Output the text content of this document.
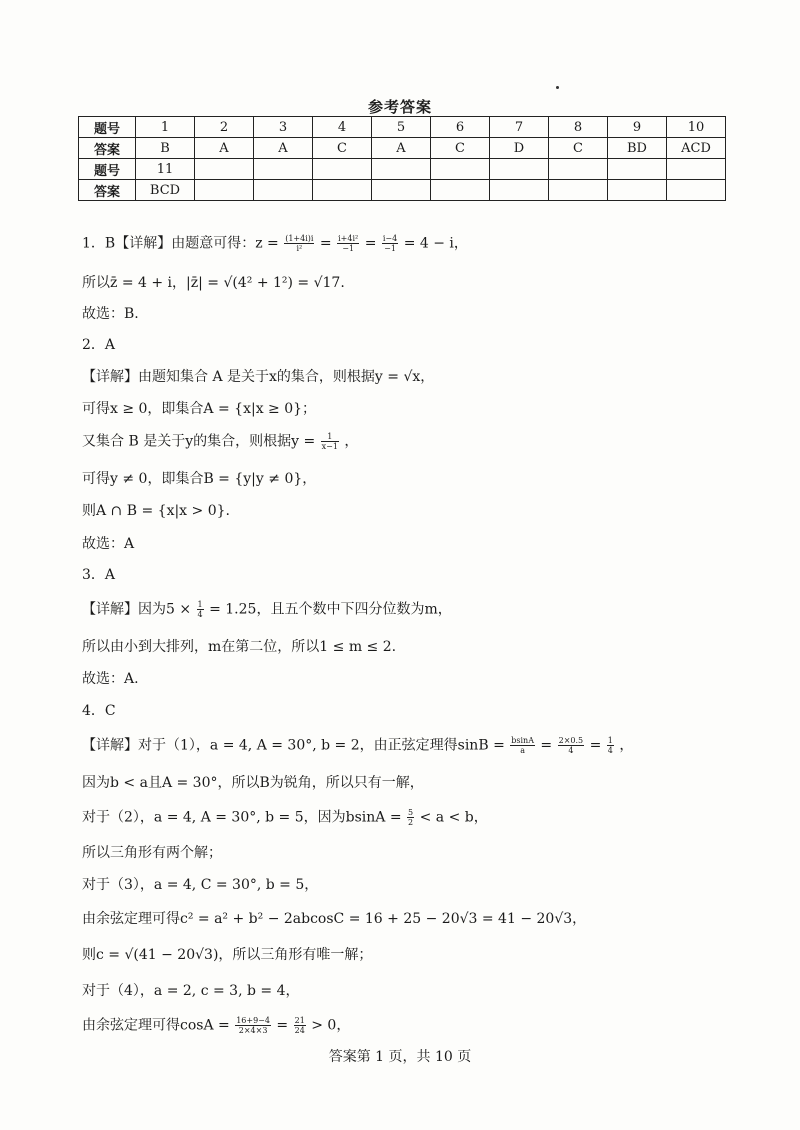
参考答案
题号	1	2	3	4	5	6	7	8	9	10
答案	B	A	A	C	A	C	D	C	BD	ACD
题号	11									
答案	BCD									
1．B【详解】由题意可得：$z = \frac{(1+4i)i}{\text{i²}} = \frac{\text{i+4i²}}{-1} = \frac{i-4}{-1} = 4 - i$，
所以z̄ = 4 + i，|z̄| = √(4² + 1²) = √17.
故选：B.
2．A
【详解】由题知集合 A 是关于x的集合，则根据y = √x，
可得x ≥ 0，即集合A = {x|x ≥ 0}；
又集合 B 是关于y的集合，则根据$y = \frac{1}{x-1}$ ，
可得y ≠ 0，即集合B = {y|y ≠ 0}，
则A ∩ B = {x|x > 0}.
故选：A
3．A
【详解】因为$5 \times \frac{1}{4} = 1.25$，且五个数中下四分位数为m，
所以由小到大排列，m在第二位，所以1 ≤ m ≤ 2.
故选：A.
4．C
【详解】对于（1），a = 4, A = 30°, b = 2，由正弦定理得$\sin B = \frac{bsinA}{a} = \frac{2\times 0.5}{4} = \frac{1}{4}$ ，
因为b < a且A = 30°，所以B为锐角，所以只有一解，
对于（2），a = 4, A = 30°, b = 5，因为$bsinA = \frac{5}{2} < a < b$，
所以三角形有两个解；
对于（3），a = 4, C = 30°, b = 5，
由余弦定理可得c² = a² + b² − 2abcosC = 16 + 25 − 20√3 = 41 − 20√3，
则c = √(41 − 20√3)，所以三角形有唯一解；
对于（4），a = 2, c = 3, b = 4，
由余弦定理可得$\cos A = \frac{16+9-4}{2\times 4\times 3} = \frac{21}{24} > 0$，
答案第 1 页，共 10 页
